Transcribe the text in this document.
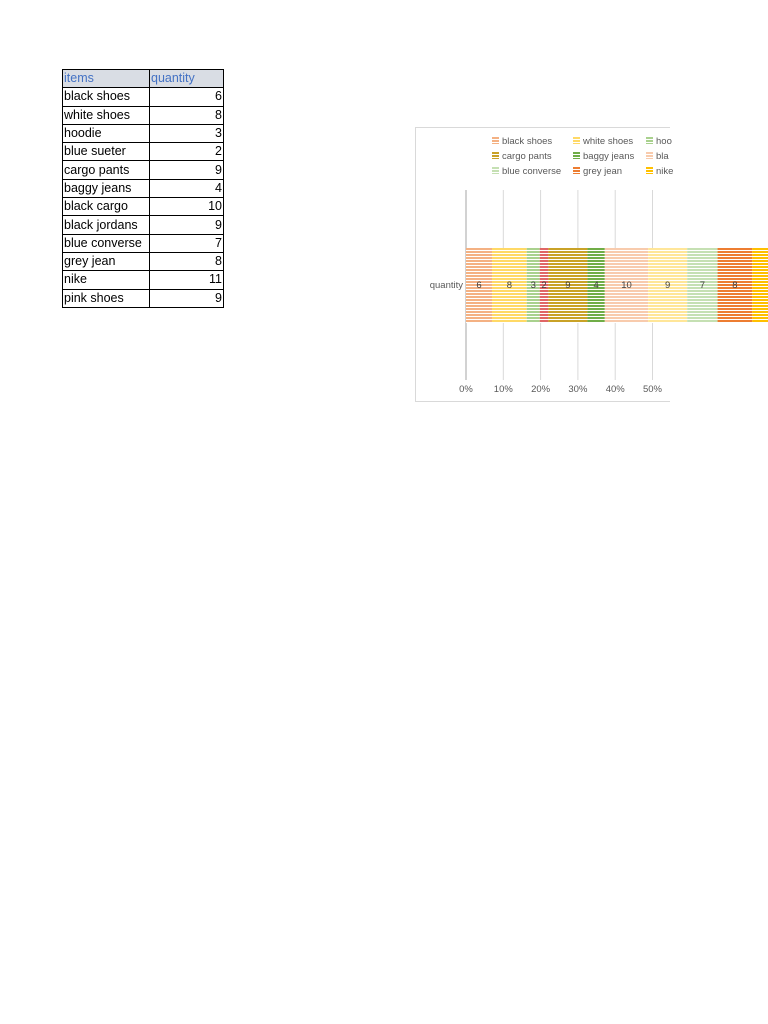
items	quantity
black shoes	6
white shoes	8
hoodie	3
blue sueter	2
cargo pants	9
baggy jeans	4
black cargo	10
black jordans	9
blue converse	7
grey jean	8
nike	11
pink shoes	9
black shoes	white shoes hoo
cargo pants	baggy jeans bla
blue converse grey jean	nike
6	8 3 2 9 4 10	9	7	8
0% 10% 20% 30% 40% 50%
quantity
